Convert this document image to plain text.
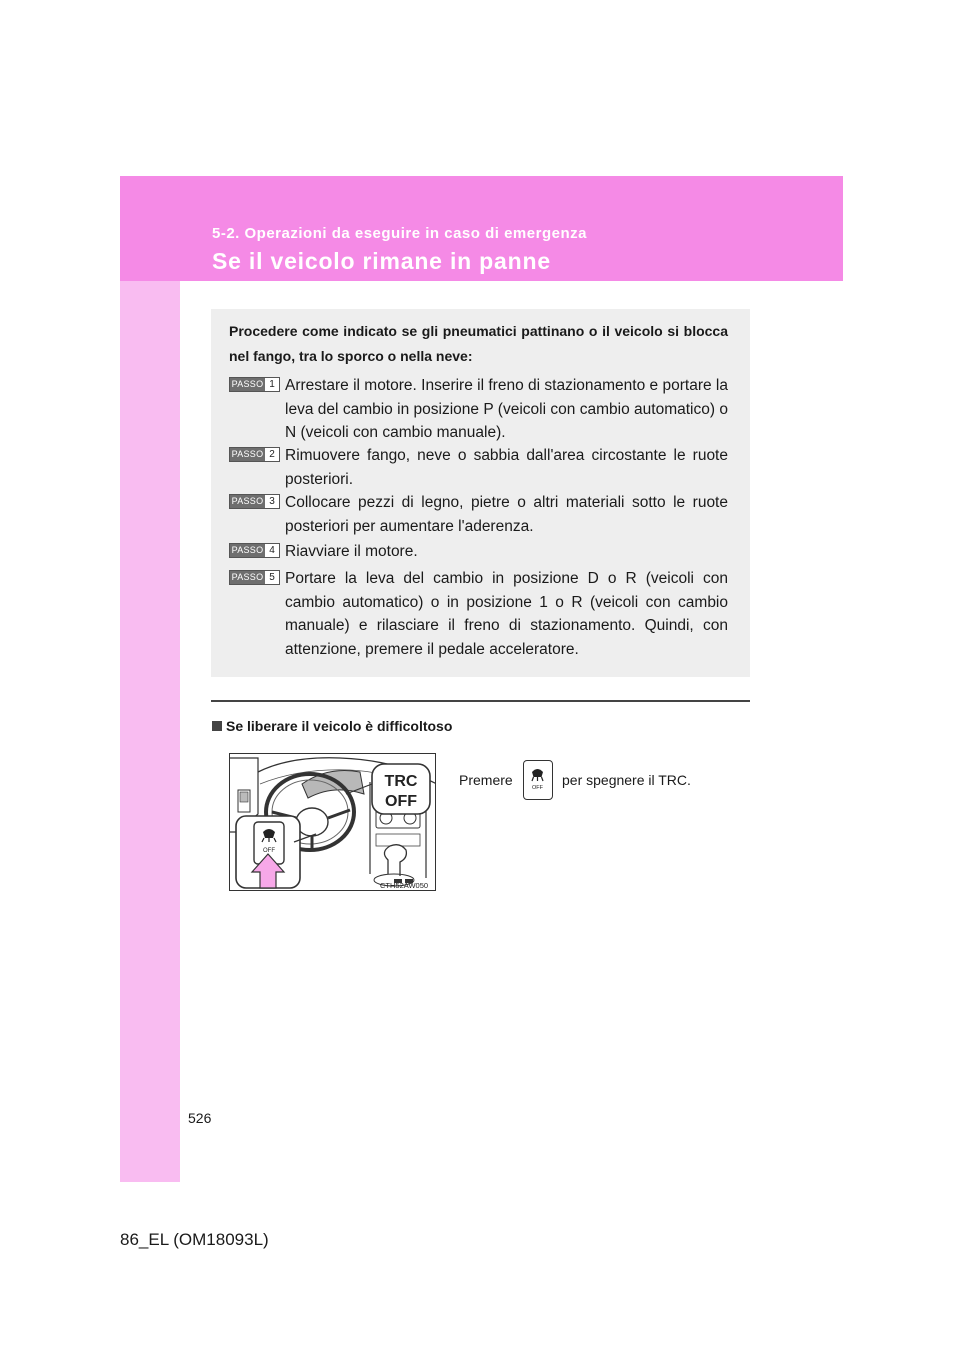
5-2. Operazioni da eseguire in caso di emergenza
Se il veicolo rimane in panne
Procedere come indicato se gli pneumatici pattinano o il veicolo si blocca nel fango, tra lo sporco o nella neve:
PASSO 1 Arrestare il motore. Inserire il freno di stazionamento e portare la leva del cambio in posizione P (veicoli con cambio automatico) o N (veicoli con cambio manuale).
PASSO 2 Rimuovere fango, neve o sabbia dall'area circostante le ruote posteriori.
PASSO 3 Collocare pezzi di legno, pietre o altri materiali sotto le ruote posteriori per aumentare l'aderenza.
PASSO 4 Riavviare il motore.
PASSO 5 Portare la leva del cambio in posizione D o R (veicoli con cambio automatico) o in posizione 1 o R (veicoli con cambio manuale) e rilasciare il freno di stazionamento. Quindi, con attenzione, premere il pedale acceleratore.
Se liberare il veicolo è difficoltoso
TRC
OFF
OFF
CTH52AW050
Premere	OFF per spegnere il TRC.
526
86_EL (OM18093L)
